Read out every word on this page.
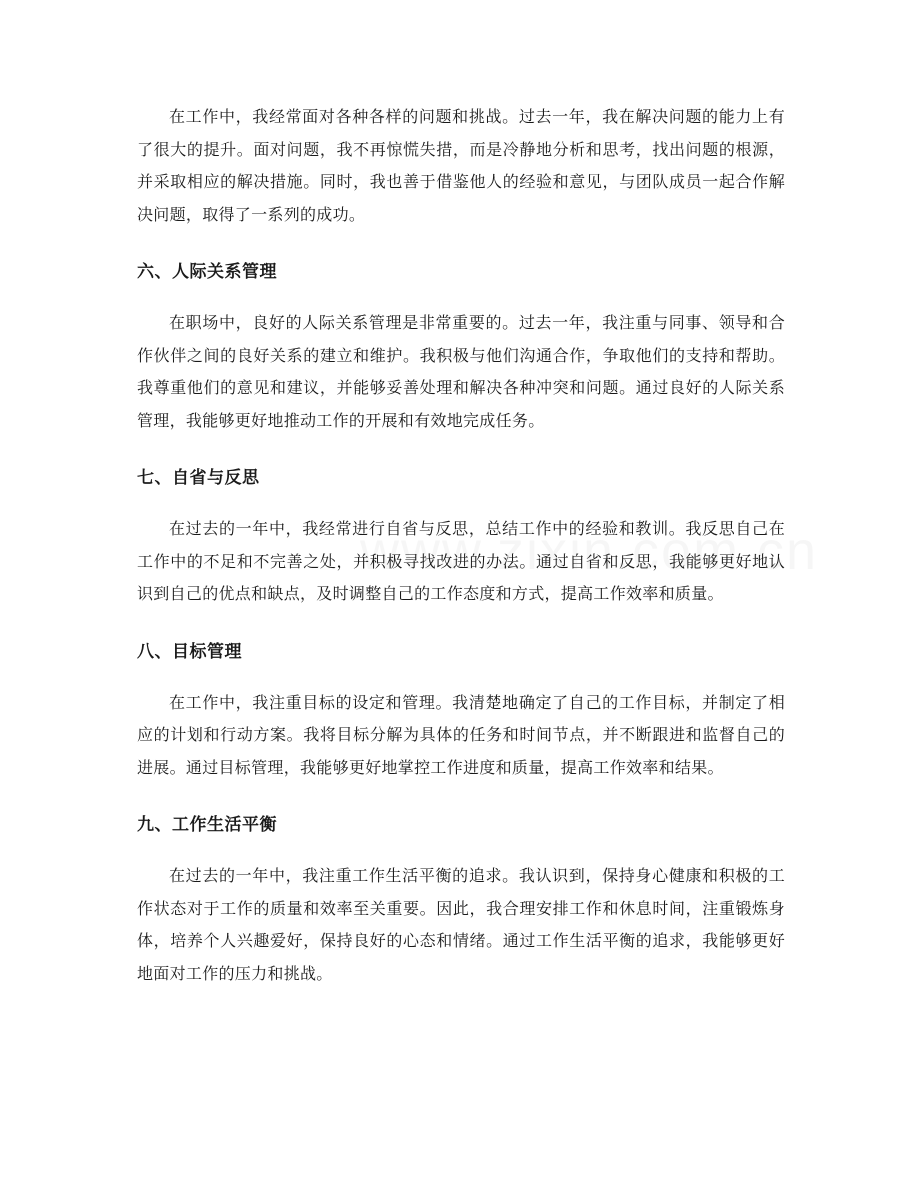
在工作中，我经常面对各种各样的问题和挑战。过去一年，我在解决问题的能力上有了很大的提升。面对问题，我不再惊慌失措，而是冷静地分析和思考，找出问题的根源，并采取相应的解决措施。同时，我也善于借鉴他人的经验和意见，与团队成员一起合作解决问题，取得了一系列的成功。

六、人际关系管理

在职场中，良好的人际关系管理是非常重要的。过去一年，我注重与同事、领导和合作伙伴之间的良好关系的建立和维护。我积极与他们沟通合作，争取他们的支持和帮助。我尊重他们的意见和建议，并能够妥善处理和解决各种冲突和问题。通过良好的人际关系管理，我能够更好地推动工作的开展和有效地完成任务。

七、自省与反思

在过去的一年中，我经常进行自省与反思，总结工作中的经验和教训。我反思自己在工作中的不足和不完善之处，并积极寻找改进的办法。通过自省和反思，我能够更好地认识到自己的优点和缺点，及时调整自己的工作态度和方式，提高工作效率和质量。

八、目标管理

在工作中，我注重目标的设定和管理。我清楚地确定了自己的工作目标，并制定了相应的计划和行动方案。我将目标分解为具体的任务和时间节点，并不断跟进和监督自己的进展。通过目标管理，我能够更好地掌控工作进度和质量，提高工作效率和结果。

九、工作生活平衡

在过去的一年中，我注重工作生活平衡的追求。我认识到，保持身心健康和积极的工作状态对于工作的质量和效率至关重要。因此，我合理安排工作和休息时间，注重锻炼身体，培养个人兴趣爱好，保持良好的心态和情绪。通过工作生活平衡的追求，我能够更好地面对工作的压力和挑战。
